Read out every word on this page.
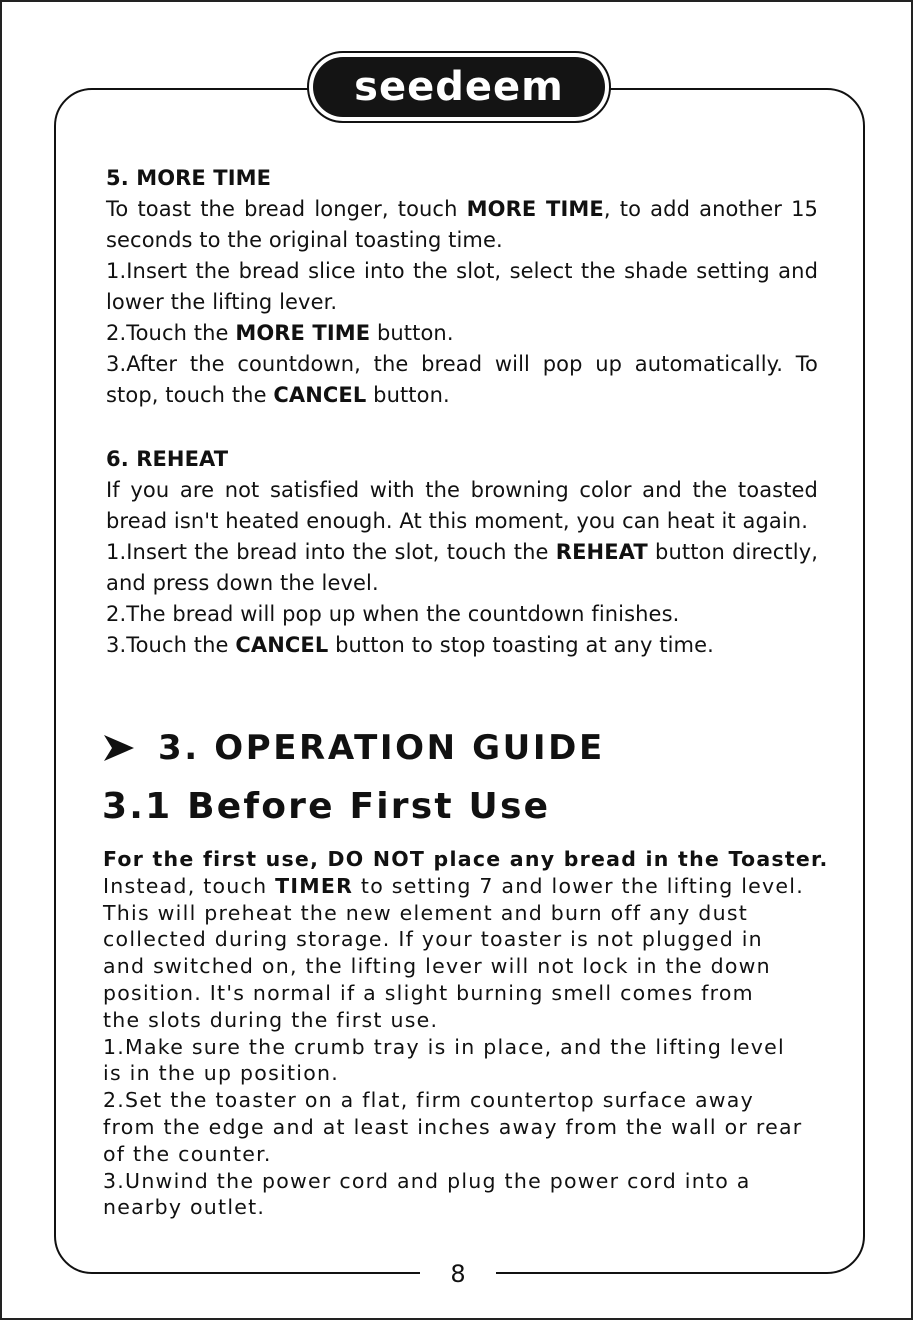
seedeem
5. MORE TIME

To toast the bread longer, touch MORE TIME, to add another 15 seconds to the original toasting time.

1.Insert the bread slice into the slot, select the shade setting and lower the lifting lever.

2.Touch the MORE TIME button.

3.After the countdown, the bread will pop up automatically. To stop, touch the CANCEL button.

6. REHEAT

If you are not satisfied with the browning color and the toasted bread isn't heated enough. At this moment, you can heat it again.

1.Insert the bread into the slot, touch the REHEAT button directly, and press down the level.

2.The bread will pop up when the countdown finishes.

3.Touch the CANCEL button to stop toasting at any time.

3. OPERATION GUIDE
3.1 Before First Use

For the first use, DO NOT place any bread in the Toaster.

Instead, touch TIMER to setting 7 and lower the lifting level.

This will preheat the new element and burn off any dust

collected during storage. If your toaster is not plugged in

and switched on, the lifting lever will not lock in the down

position. It's normal if a slight burning smell comes from

the slots during the first use.

1.Make sure the crumb tray is in place, and the lifting level

is in the up position.

2.Set the toaster on a flat, firm countertop surface away

from the edge and at least inches away from the wall or rear

of the counter.

3.Unwind the power cord and plug the power cord into a

nearby outlet.

8
